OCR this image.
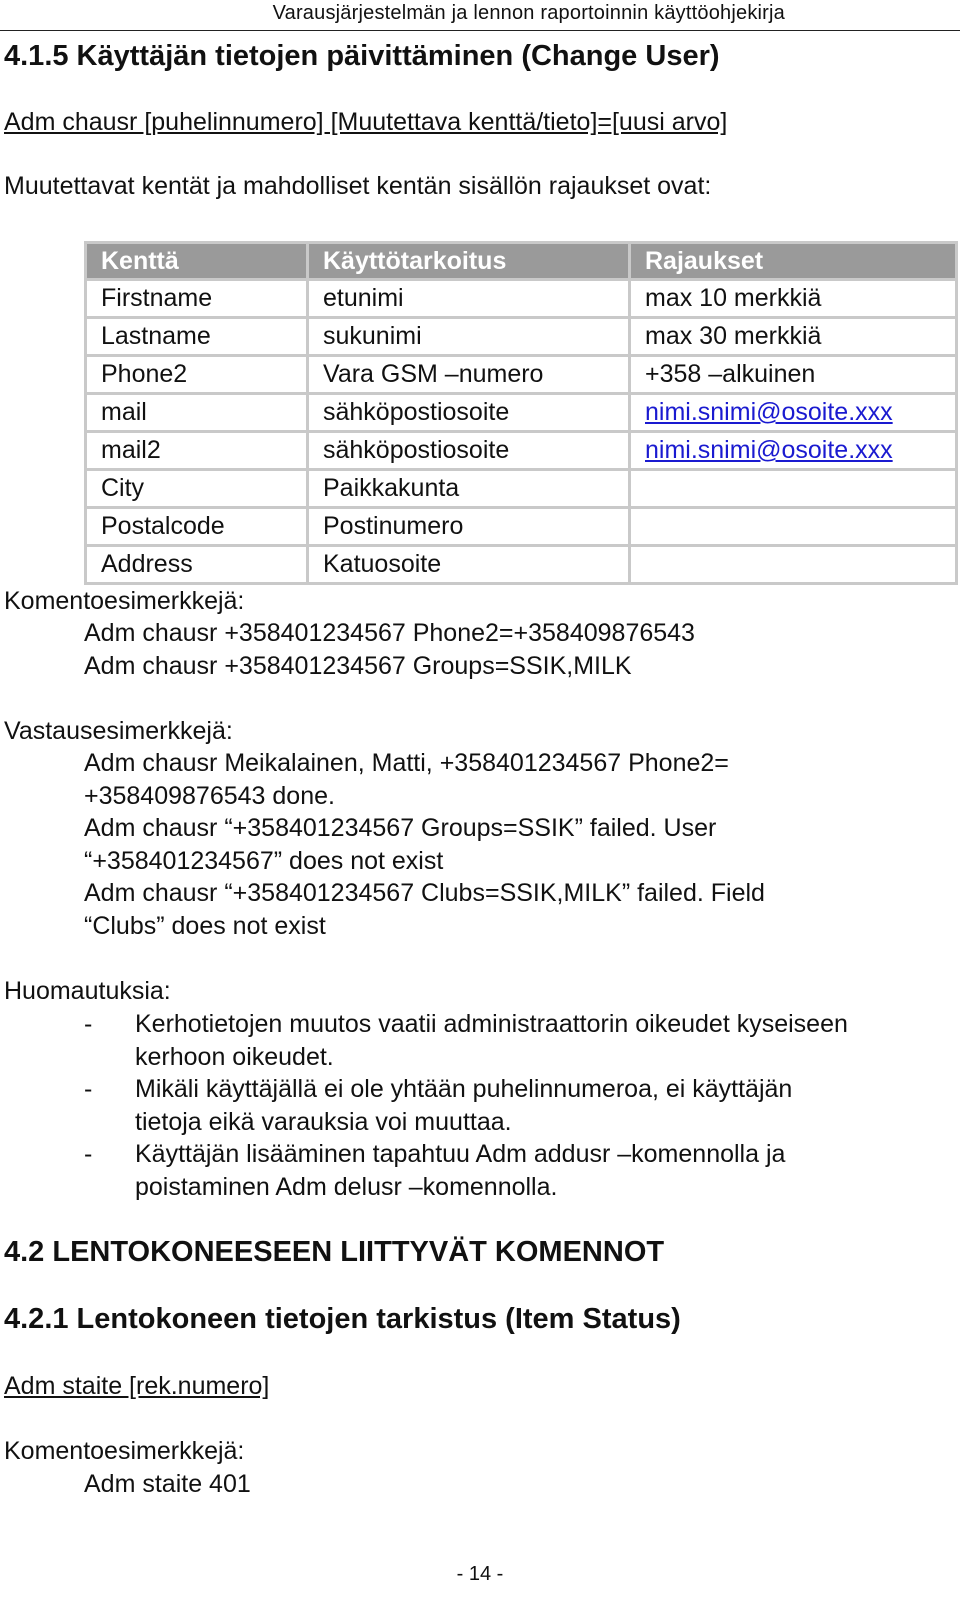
Varausjärjestelmän ja lennon raportoinnin käyttöohjekirja
4.1.5 Käyttäjän tietojen päivittäminen (Change User)
Adm chausr [puhelinnumero] [Muutettava kenttä/tieto]=[uusi arvo]
Muutettavat kentät ja mahdolliset kentän sisällön rajaukset ovat:
Kenttä	Käyttötarkoitus	Rajaukset
Firstname	etunimi	max 10 merkkiä
Lastname	sukunimi	max 30 merkkiä
Phone2	Vara GSM –numero	+358 –alkuinen
mail	sähköpostiosoite	nimi.snimi@osoite.xxx
mail2	sähköpostiosoite	nimi.snimi@osoite.xxx
City	Paikkakunta	
Postalcode	Postinumero	
Address	Katuosoite	
Komentoesimerkkejä:
Adm chausr +358401234567 Phone2=+358409876543
Adm chausr +358401234567 Groups=SSIK,MILK
Vastausesimerkkejä:
Adm chausr Meikalainen, Matti, +358401234567 Phone2=
+358409876543 done.
Adm chausr “+358401234567 Groups=SSIK” failed. User
“+358401234567” does not exist
Adm chausr “+358401234567 Clubs=SSIK,MILK” failed. Field
“Clubs” does not exist
Huomautuksia:
- Kerhotietojen muutos vaatii administraattorin oikeudet kyseiseen
kerhoon oikeudet.
- Mikäli käyttäjällä ei ole yhtään puhelinnumeroa, ei käyttäjän
tietoja eikä varauksia voi muuttaa.
- Käyttäjän lisääminen tapahtuu Adm addusr –komennolla ja
poistaminen Adm delusr –komennolla.
4.2 LENTOKONEESEEN LIITTYVÄT KOMENNOT
4.2.1 Lentokoneen tietojen tarkistus (Item Status)
Adm staite [rek.numero]
Komentoesimerkkejä:
Adm staite 401
- 14 -
